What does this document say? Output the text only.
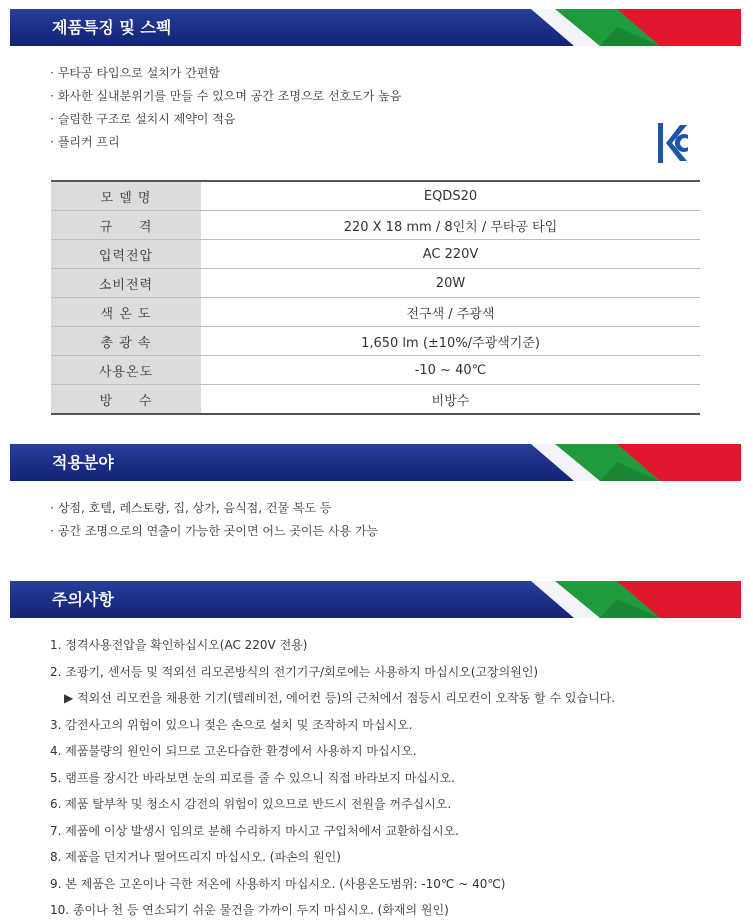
제품특징 및 스펙
· 무타공 타입으로 설치가 간편함
· 화사한 실내분위기를 만들 수 있으며 공간 조명으로 선호도가 높음
· 슬림한 구조로 설치시 제약이 적음
· 플리커 프리
모 델 명	EQDS20
규     격	220 X 18 mm / 8인치 / 무타공 타입
입력전압	AC 220V
소비전력	20W
색 온 도	전구색 / 주광색
총 광 속	1,650 lm (±10%/주광색기준)
사용온도	-10 ~ 40℃
방     수	비방수
적용분야
· 상점, 호텔, 레스토랑, 집, 상가, 음식점, 건물 복도 등
· 공간 조명으로의 연출이 가능한 곳이면 어느 곳이든 사용 가능
주의사항
1. 정격사용전압을 확인하십시오(AC 220V 전용)
2. 조광기, 센서등 및 적외선 리모콘방식의 전기기구/회로에는 사용하지 마십시오(고장의원인)
▶ 적외선 리모컨을 채용한 기기(텔레비전, 에어컨 등)의 근처에서 점등시 리모컨이 오작동 할 수 있습니다.
3. 감전사고의 위험이 있으니 젖은 손으로 설치 및 조작하지 마십시오.
4. 제품불량의 원인이 되므로 고온다습한 환경에서 사용하지 마십시오.
5. 램프를 장시간 바라보면 눈의 피로를 줄 수 있으니 직접 바라보지 마십시오.
6. 제품 탈부착 및 청소시 감전의 위험이 있으므로 반드시 전원을 꺼주십시오.
7. 제품에 이상 발생시 임의로 분해 수리하지 마시고 구입처에서 교환하십시오.
8. 제품을 던지거나 떨어뜨리지 마십시오. (파손의 원인)
9. 본 제품은 고온이나 극한 저온에 사용하지 마십시오. (사용온도범위: -10℃ ~ 40℃)
10. 종이나 천 등 연소되기 쉬운 물건을 가까이 두지 마십시오. (화재의 원인)
